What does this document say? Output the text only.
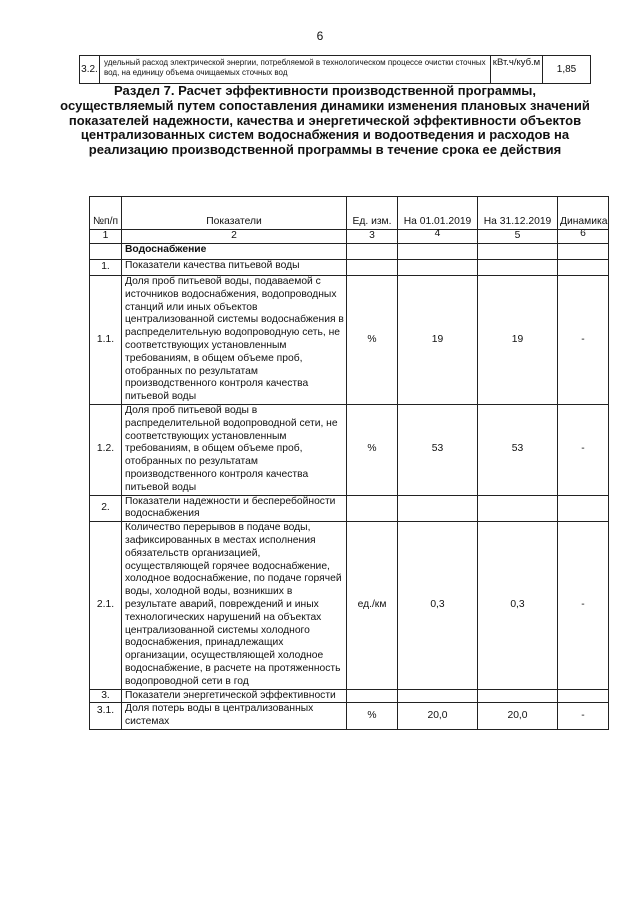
6
3.2.	удельный расход электрической энергии, потребляемой в технологическом процессе очистки сточных вод, на единицу объема очищаемых сточных вод	кВт.ч/куб.м	1,85
Раздел 7. Расчет эффективности производственной программы, осуществляемый путем сопоставления динамики изменения плановых значений показателей надежности, качества и энергетической эффективности объектов централизованных систем водоснабжения и водоотведения и расходов на реализацию производственной программы в течение срока ее действия
№п/п	Показатели	Ед. изм.	На 01.01.2019	На 31.12.2019	Динамика
1	2	3	4	5	6
	Водоснабжение				
1.	Показатели качества питьевой воды				
1.1.	Доля проб питьевой воды, подаваемой с источников водоснабжения, водопроводных станций или иных объектов централизованной системы водоснабжения в распределительную водопроводную сеть, не соответствующих установленным требованиям, в общем объеме проб, отобранных по результатам производственного контроля качества питьевой воды	%	19	19	-
1.2.	Доля проб питьевой воды в распределительной водопроводной сети, не соответствующих установленным требованиям, в общем объеме проб, отобранных по результатам производственного контроля качества питьевой воды	%	53	53	-
2.	Показатели надежности и бесперебойности водоснабжения				
2.1.	Количество перерывов в подаче воды, зафиксированных в местах исполнения обязательств организацией, осуществляющей горячее водоснабжение, холодное водоснабжение, по подаче горячей воды, холодной воды, возникших в результате аварий, повреждений и иных технологических нарушений на объектах централизованной системы холодного водоснабжения, принадлежащих организации, осуществляющей холодное водоснабжение, в расчете на протяженность водопроводной сети в год	ед./км	0,3	0,3	-
3.	Показатели энергетической эффективности				
3.1.	Доля потерь воды в централизованных системах	%	20,0	20,0	-
